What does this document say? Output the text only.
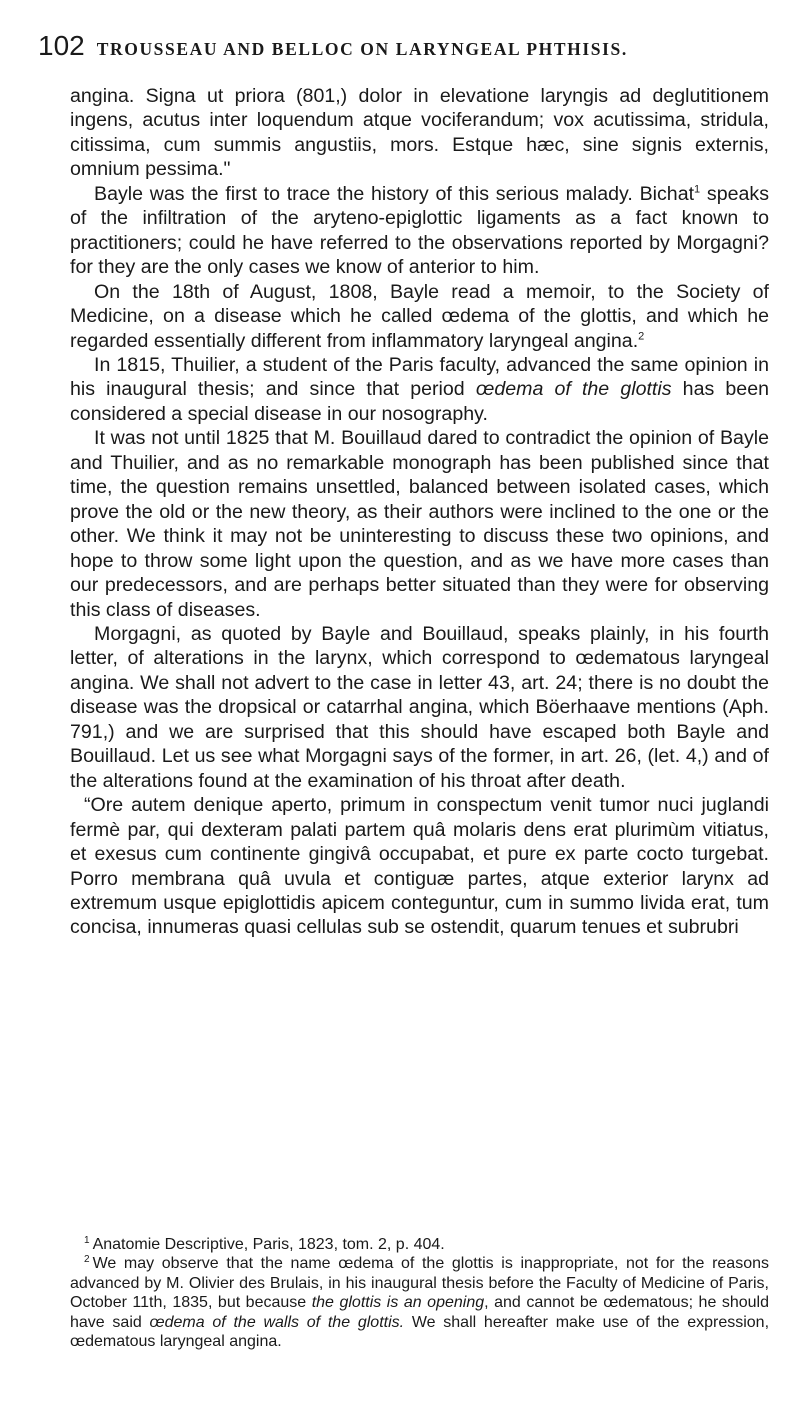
102 TROUSSEAU AND BELLOC ON LARYNGEAL PHTHISIS.

angina. Signa ut priora (801,) dolor in elevatione laryngis ad deglutitionem ingens, acutus inter loquendum atque vociferandum; vox acutissima, stridula, citissima, cum summis angustiis, mors. Estque hæc, sine signis externis, omnium pessima."

Bayle was the first to trace the history of this serious malady. Bichat$^1$ speaks of the infiltration of the aryteno-epiglottic ligaments as a fact known to practitioners; could he have referred to the observations reported by Morgagni? for they are the only cases we know of anterior to him.

On the 18th of August, 1808, Bayle read a memoir, to the Society of Medicine, on a disease which he called œdema of the glottis, and which he regarded essentially different from inflammatory laryngeal angina.$^2$

In 1815, Thuilier, a student of the Paris faculty, advanced the same opinion in his inaugural thesis; and since that period œdema of the glottis has been considered a special disease in our nosography.

It was not until 1825 that M. Bouillaud dared to contradict the opinion of Bayle and Thuilier, and as no remarkable monograph has been published since that time, the question remains unsettled, balanced between isolated cases, which prove the old or the new theory, as their authors were inclined to the one or the other. We think it may not be uninteresting to discuss these two opinions, and hope to throw some light upon the question, and as we have more cases than our predecessors, and are perhaps better situated than they were for observing this class of diseases.

Morgagni, as quoted by Bayle and Bouillaud, speaks plainly, in his fourth letter, of alterations in the larynx, which correspond to œdematous laryngeal angina. We shall not advert to the case in letter 43, art. 24; there is no doubt the disease was the dropsical or catarrhal angina, which Böerhaave mentions (Aph. 791,) and we are surprised that this should have escaped both Bayle and Bouillaud. Let us see what Morgagni says of the former, in art. 26, (let. 4,) and of the alterations found at the examination of his throat after death.

“Ore autem denique aperto, primum in conspectum venit tumor nuci juglandi fermè par, qui dexteram palati partem quâ molaris dens erat plurimùm vitiatus, et exesus cum continente gingivâ occupabat, et pure ex parte cocto turgebat. Porro membrana quâ uvula et contiguæ partes, atque exterior larynx ad extremum usque epiglottidis apicem conteguntur, cum in summo livida erat, tum concisa, innumeras quasi cellulas sub se ostendit, quarum tenues et subrubri

$^1$ Anatomie Descriptive, Paris, 1823, tom. 2, p. 404.

$^2$ We may observe that the name œdema of the glottis is inappropriate, not for the reasons advanced by M. Olivier des Brulais, in his inaugural thesis before the Faculty of Medicine of Paris, October 11th, 1835, but because the glottis is an opening, and cannot be œdematous; he should have said œdema of the walls of the glottis. We shall hereafter make use of the expression, œdematous laryngeal angina.
